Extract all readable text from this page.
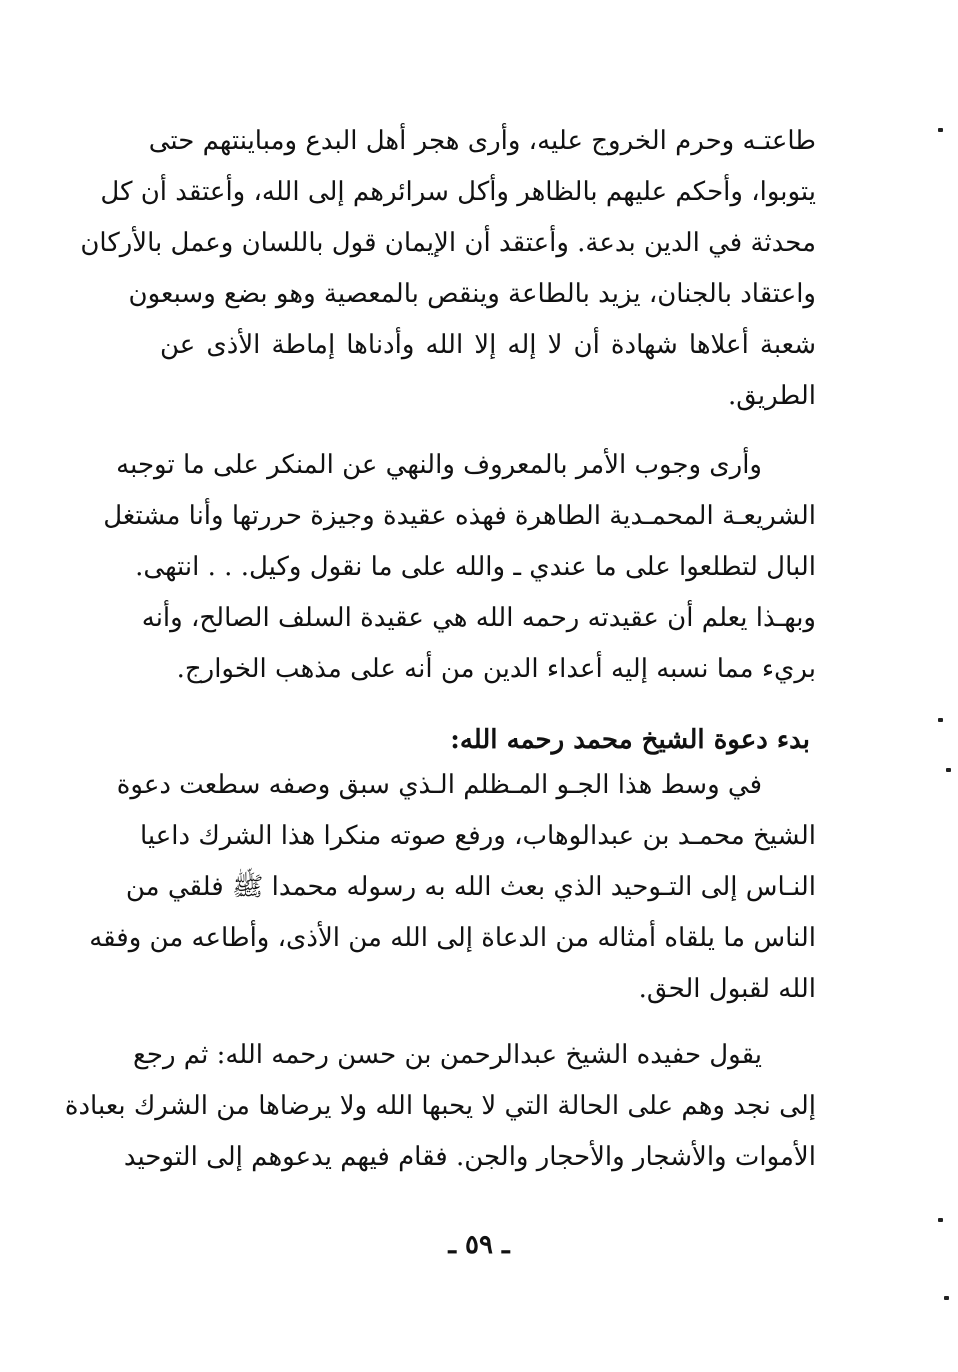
طاعتـه وحرم الخروج عليه، وأرى هجر أهل البدع ومباينتهم حتى
يتوبوا، وأحكم عليهم بالظاهر وأكل سرائرهم إلى الله، وأعتقد أن كل
محدثة في الدين بدعة. وأعتقد أن الإيمان قول باللسان وعمل بالأركان
واعتقاد بالجنان، يزيد بالطاعة وينقص بالمعصية وهو بضع وسبعون
شعبة أعلاها شهادة أن لا إله إلا الله وأدناها إماطة الأذى عن
الطريق.
وأرى وجوب الأمر بالمعروف والنهي عن المنكر على ما توجبه
الشريعـة المحمـدية الطاهرة فهذه عقيدة وجيزة حررتها وأنا مشتغل
البال لتطلعوا على ما عندي ـ والله على ما نقول وكيل. . . انتهى.
وبهـذا يعلم أن عقيدته رحمه الله هي عقيدة السلف الصالح، وأنه
بريء مما نسبه إليه أعداء الدين من أنه على مذهب الخوارج.
بدء دعوة الشيخ محمد رحمه الله:
في وسط هذا الجـو المـظلم الـذي سبق وصفه سطعت دعوة
الشيخ محمـد بن عبدالوهاب، ورفع صوته منكرا هذا الشرك داعيا
النـاس إلى التـوحيد الذي بعث الله به رسوله محمدا ﷺ فلقي من
الناس ما يلقاه أمثاله من الدعاة إلى الله من الأذى، وأطاعه من وفقه
الله لقبول الحق.
يقول حفيده الشيخ عبدالرحمن بن حسن رحمه الله: ثم رجع
إلى نجد وهم على الحالة التي لا يحبها الله ولا يرضاها من الشرك بعبادة
الأموات والأشجار والأحجار والجن. فقام فيهم يدعوهم إلى التوحيد
ـ ٥٩ ـ
